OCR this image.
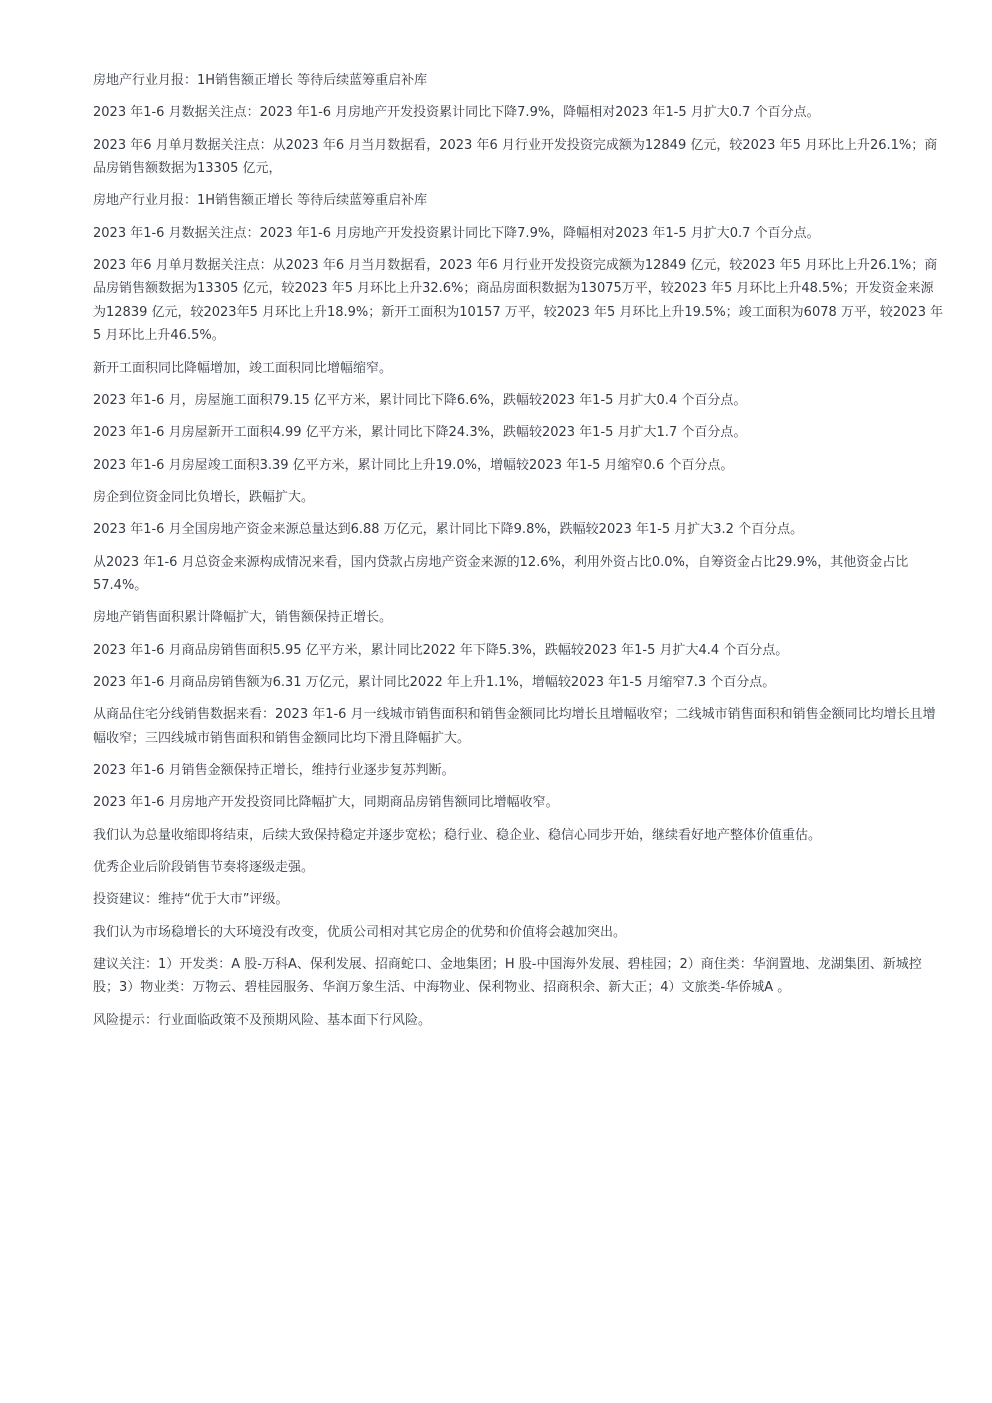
房地产行业月报：1H销售额正增长 等待后续蓝筹重启补库

2023 年1-6 月数据关注点：2023 年1-6 月房地产开发投资累计同比下降7.9%，降幅相对2023 年1-5 月扩大0.7 个百分点。

2023 年6 月单月数据关注点：从2023 年6 月当月数据看，2023 年6 月行业开发投资完成额为12849 亿元，较2023 年5 月环比上升26.1%；商品房销售额数据为13305 亿元，

房地产行业月报：1H销售额正增长 等待后续蓝筹重启补库

2023 年1-6 月数据关注点：2023 年1-6 月房地产开发投资累计同比下降7.9%，降幅相对2023 年1-5 月扩大0.7 个百分点。

2023 年6 月单月数据关注点：从2023 年6 月当月数据看，2023 年6 月行业开发投资完成额为12849 亿元，较2023 年5 月环比上升26.1%；商品房销售额数据为13305 亿元，较2023 年5 月环比上升32.6%；商品房面积数据为13075万平，较2023 年5 月环比上升48.5%；开发资金来源为12839 亿元，较2023年5 月环比上升18.9%；新开工面积为10157 万平，较2023 年5 月环比上升19.5%；竣工面积为6078 万平，较2023 年5 月环比上升46.5%。

新开工面积同比降幅增加，竣工面积同比增幅缩窄。

2023 年1-6 月，房屋施工面积79.15 亿平方米，累计同比下降6.6%，跌幅较2023 年1-5 月扩大0.4 个百分点。

2023 年1-6 月房屋新开工面积4.99 亿平方米，累计同比下降24.3%，跌幅较2023 年1-5 月扩大1.7 个百分点。

2023 年1-6 月房屋竣工面积3.39 亿平方米，累计同比上升19.0%，增幅较2023 年1-5 月缩窄0.6 个百分点。

房企到位资金同比负增长，跌幅扩大。

2023 年1-6 月全国房地产资金来源总量达到6.88 万亿元，累计同比下降9.8%，跌幅较2023 年1-5 月扩大3.2 个百分点。

从2023 年1-6 月总资金来源构成情况来看，国内贷款占房地产资金来源的12.6%，利用外资占比0.0%，自筹资金占比29.9%，其他资金占比57.4%。

房地产销售面积累计降幅扩大，销售额保持正增长。

2023 年1-6 月商品房销售面积5.95 亿平方米，累计同比2022 年下降5.3%，跌幅较2023 年1-5 月扩大4.4 个百分点。

2023 年1-6 月商品房销售额为6.31 万亿元，累计同比2022 年上升1.1%，增幅较2023 年1-5 月缩窄7.3 个百分点。

从商品住宅分线销售数据来看：2023 年1-6 月一线城市销售面积和销售金额同比均增长且增幅收窄；二线城市销售面积和销售金额同比均增长且增幅收窄；三四线城市销售面积和销售金额同比均下滑且降幅扩大。

2023 年1-6 月销售金额保持正增长，维持行业逐步复苏判断。

2023 年1-6 月房地产开发投资同比降幅扩大，同期商品房销售额同比增幅收窄。

我们认为总量收缩即将结束，后续大致保持稳定并逐步宽松；稳行业、稳企业、稳信心同步开始，继续看好地产整体价值重估。

优秀企业后阶段销售节奏将逐级走强。

投资建议：维持“优于大市”评级。

我们认为市场稳增长的大环境没有改变，优质公司相对其它房企的优势和价值将会越加突出。

建议关注：1）开发类：A 股-万科A、保利发展、招商蛇口、金地集团；H 股-中国海外发展、碧桂园；2）商住类：华润置地、龙湖集团、新城控股；3）物业类：万物云、碧桂园服务、华润万象生活、中海物业、保利物业、招商积余、新大正；4）文旅类-华侨城A 。

风险提示：行业面临政策不及预期风险、基本面下行风险。
